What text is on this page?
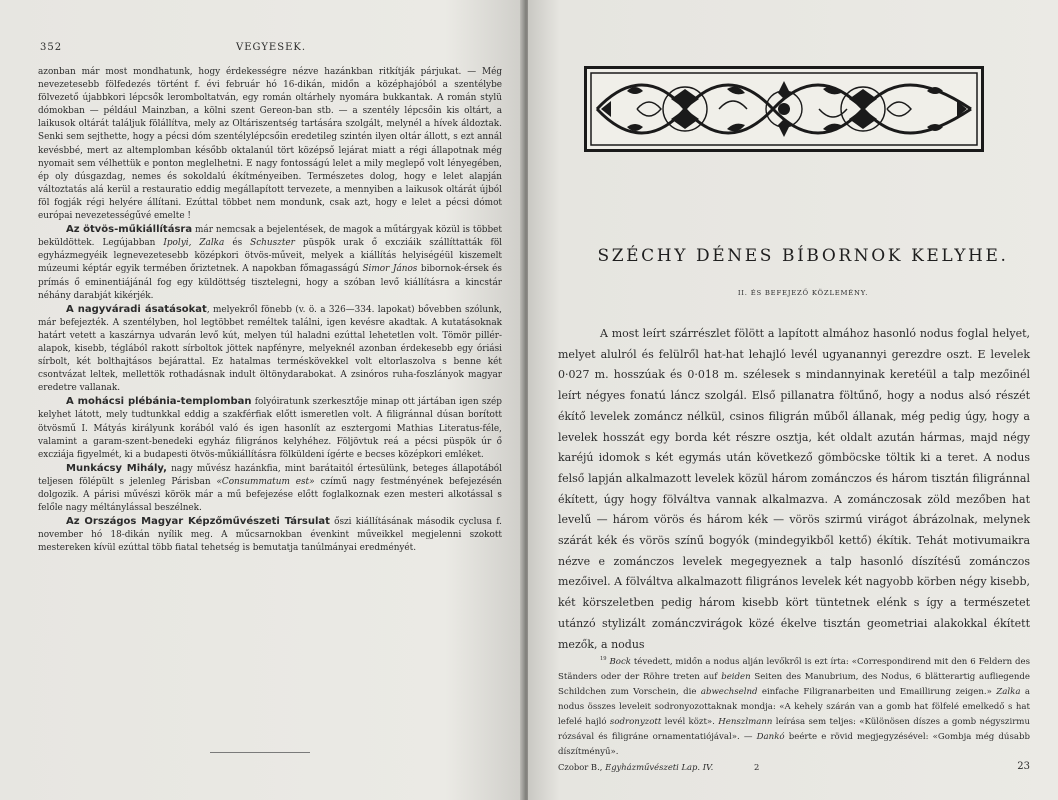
352	VEGYESEK.

azonban már most mondhatunk, hogy érdekességre nézve hazánkban ritkítják párjukat. — Még nevezetesebb fölfedezés történt f. évi február hó 16-dikán, midőn a középhajóból a szentélybe fölvezető újabbkori lépcsők leromboltatván, egy román oltárhely nyomára bukkantak. A román stylü dómokban — például Mainzban, a kölni szent Gereon-ban stb. — a szentély lépcsőin kis oltárt, a laikusok oltárát találjuk fölállítva, mely az Oltáriszentség tartására szolgált, melynél a hívek áldoztak. Senki sem sejthette, hogy a pécsi dóm szentélylépcsőin eredetileg szintén ilyen oltár állott, s ezt annál kevésbbé, mert az altemplomban később oktalanúl tört középső lejárat miatt a régi állapotnak még nyomait sem vélhettük e ponton meglelhetni. E nagy fontosságú lelet a mily meglepő volt lényegében, ép oly dúsgazdag, nemes és sokoldalú ékítményeiben. Természetes dolog, hogy e lelet alapján változtatás alá kerül a restauratio eddig megállapított tervezete, a mennyiben a laikusok oltárát újból föl fogják régi helyére állítani. Ezúttal többet nem mondunk, csak azt, hogy e lelet a pécsi dómot európai nevezetességűvé emelte !

Az ötvös-műkiállításra már nemcsak a bejelentések, de magok a műtárgyak közül is többet beküldöttek. Legújabban Ipolyi, Zalka és Schuszter püspök urak ő excziáik szállíttatták föl egyházmegyéik legnevezetesebb középkori ötvös-műveit, melyek a kiállítás helyiségéül kiszemelt múzeumi képtár egyik termében őriztetnek. A napokban főmagasságú Simor János bibornok-érsek és prímás ő eminentiájánál fog egy küldöttség tisztelegni, hogy a szóban levő kiállításra a kincstár néhány darabját kikérjék.

A nagyváradi ásatásokat, melyekről fönebb (v. ö. a 326—334. lapokat) bővebben szólunk, már befejezték. A szentélyben, hol legtöbbet reméltek találni, igen kevésre akadtak. A kutatásoknak határt vetett a kaszárnya udvarán levő kút, melyen túl haladni ezúttal lehetetlen volt. Tömör pillér-alapok, kisebb, téglából rakott sírboltok jöttek napfényre, melyeknél azonban érdekesebb egy óriási sírbolt, két bolthajtásos bejárattal. Ez hatalmas terméskövekkel volt eltorlaszolva s benne két csontvázat leltek, mellettök rothadásnak indult öltönydarabokat. A zsinóros ruha-foszlányok magyar eredetre vallanak.

A mohácsi plébánia-templomban folyóiratunk szerkesztője minap ott jártában igen szép kelyhet látott, mely tudtunkkal eddig a szakférfiak előtt ismeretlen volt. A filigránnal dúsan borított ötvösmű I. Mátyás királyunk korából való és igen hasonlít az esztergomi Mathias Literatus-féle, valamint a garam-szent-benedeki egyház filigrános kelyhéhez. Följövtuk reá a pécsi püspök úr ő excziája figyelmét, ki a budapesti ötvös-műkiállításra fölküldeni ígérte e becses középkori emléket.

Munkácsy Mihály, nagy művész hazánkfia, mint barátaitól értesülünk, beteges állapotából teljesen fölépült s jelenleg Párisban «Consummatum est» czímű nagy festményének befejezésén dolgozik. A párisi művészi körök már a mű befejezése előtt foglalkoznak ezen mesteri alkotással s felőle nagy méltánylással beszélnek.

Az Országos Magyar Képzőművészeti Társulat őszi kiállításának második cyclusa f. november hó 18-dikán nyílik meg. A műcsarnokban évenkint műveikkel megjelenni szokott mestereken kívül ezúttal több fiatal tehetség is bemutatja tanúlmányai eredményét.

SZÉCHY DÉNES BÍBORNOK KELYHE.
II. ÉS BEFEJEZŐ KÖZLEMÉNY.

A most leírt szárrészlet fölött a lapított almához hasonló nodus foglal helyet, melyet alulról és felülről hat-hat lehajló levél ugyanannyi gerezdre oszt. E levelek 0·027 m. hosszúak és 0·018 m. szélesek s mindannyinak keretéül a talp mezőinél leírt négyes fonatú láncz szolgál. Első pillanatra föltűnő, hogy a nodus alsó részét ékítő levelek zománcz nélkül, csinos filigrán műből állanak, még pedig úgy, hogy a levelek hosszát egy borda két részre osztja, két oldalt azután hármas, majd négy karéjú idomok s két egymás után következő gömböcske töltik ki a teret. A nodus felső lapján alkalmazott levelek közül három zománczos és három tisztán filigránnal ékített, úgy hogy fölváltva vannak alkalmazva. A zománczosak zöld mezőben hat levelű — három vörös és három kék — vörös szirmú virágot ábrázolnak, melynek szárát kék és vörös színű bogyók (mindegyikből kettő) ékítik. Tehát motivumaikra nézve e zománczos levelek megegyeznek a talp hasonló díszítésű zománczos mezőivel. A fölváltva alkalmazott filigrános levelek két nagyobb körben négy kisebb, két körszeletben pedig három kisebb kört tüntetnek elénk s így a természetet utánzó stylizált zománczvirágok közé ékelve tisztán geometriai alakokkal ékített mezők, a nodus

$^{19}$ Bock tévedett, midőn a nodus alján levőkről is ezt írta: «Correspondirend mit den 6 Feldern des Ständers oder der Röhre treten auf beiden Seiten des Manubrium, des Nodus, 6 blätterartig aufliegende Schildchen zum Vorschein, die abwechselnd einfache Filigranarbeiten und Emaillirung zeigen.» Zalka a nodus összes leveleit sodronyozottaknak mondja: «A kehely szárán van a gomb hat fölfelé emelkedő s hat lefelé hajló sodronyzott levél közt». Henszlmann leírása sem teljes: «Különösen díszes a gomb négyszirmu rózsával és filigráne ornamentatiójával». — Dankó beérte e rövid megjegyzésével: «Gombja még dúsabb díszítményű».

Czobor B., Egyházművészeti Lap. IV.	2	23
